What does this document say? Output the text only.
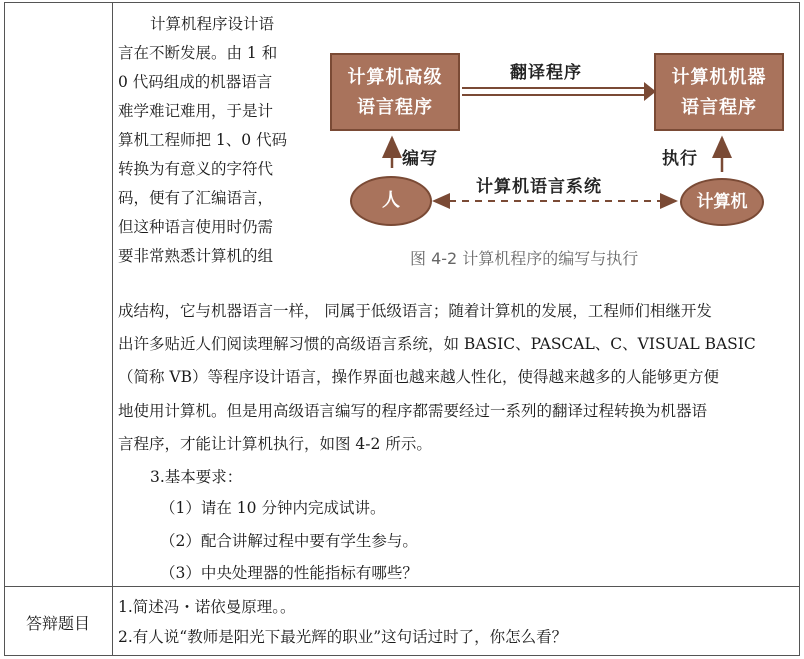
计算机程序设计语
言在不断发展。由 1 和
0 代码组成的机器语言
难学难记难用，于是计
算机工程师把 1、0 代码
转换为有意义的字符代
码，便有了汇编语言，
但这种语言使用时仍需
要非常熟悉计算机的组
计算机高级
语言程序
计算机机器
语言程序
翻译程序
编写	执行
计算机语言系统
人	计算机
图 4-2 计算机程序的编写与执行
成结构，它与机器语言一样， 同属于低级语言；随着计算机的发展，工程师们相继开发
出许多贴近人们阅读理解习惯的高级语言系统，如 BASIC、PASCAL、C、VISUAL BASIC
（简称 VB）等程序设计语言，操作界面也越来越人性化，使得越来越多的人能够更方便
地使用计算机。但是用高级语言编写的程序都需要经过一系列的翻译过程转换为机器语
言程序，才能让计算机执行，如图 4-2 所示。
3.基本要求：
（1）请在 10 分钟内完成试讲。
（2）配合讲解过程中要有学生参与。
（3）中央处理器的性能指标有哪些？
答辩题目
1.简述冯・诺依曼原理。。
2.有人说“教师是阳光下最光辉的职业”这句话过时了，你怎么看？
